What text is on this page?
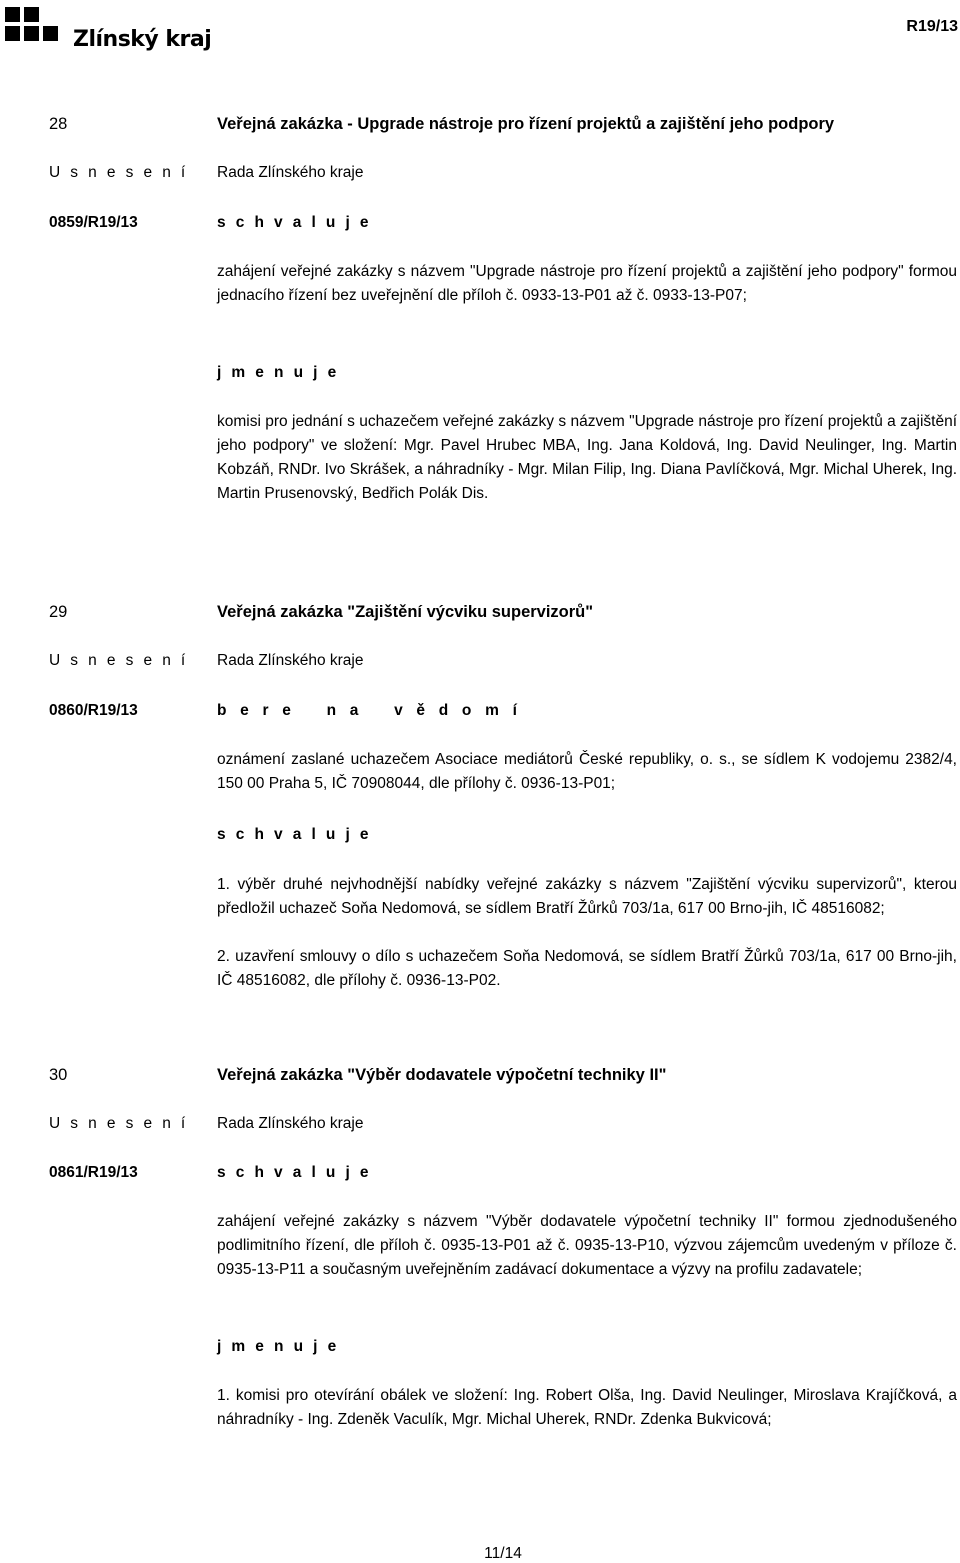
Zlínský kraj
R19/13
28	Veřejná zakázka - Upgrade nástroje pro řízení projektů a zajištění jeho podpory
U s n e s e n í Rada Zlínského kraje
0859/R19/13	s c h v a l u j e

zahájení veřejné zakázky s názvem "Upgrade nástroje pro řízení projektů a zajištění jeho podpory" formou jednacího řízení bez uveřejnění dle příloh č. 0933-13-P01 až č. 0933-13-P07;

j m e n u j e

komisi pro jednání s uchazečem veřejné zakázky s názvem "Upgrade nástroje pro řízení projektů a zajištění jeho podpory" ve složení: Mgr. Pavel Hrubec MBA, Ing. Jana Koldová, Ing. David Neulinger, Ing. Martin Kobzáň, RNDr. Ivo Skrášek, a náhradníky - Mgr. Milan Filip, Ing. Diana Pavlíčková, Mgr. Michal Uherek, Ing. Martin Prusenovský, Bedřich Polák Dis.

29	Veřejná zakázka "Zajištění výcviku supervizorů"
U s n e s e n í Rada Zlínského kraje
0860/R19/13	b e r e   n a   v ě d o m í

oznámení zaslané uchazečem Asociace mediátorů České republiky, o. s., se sídlem K vodojemu 2382/4, 150 00 Praha 5, IČ 70908044, dle přílohy č. 0936-13-P01;

s c h v a l u j e

1. výběr druhé nejvhodnější nabídky veřejné zakázky s názvem "Zajištění výcviku supervizorů", kterou předložil uchazeč Soňa Nedomová, se sídlem Bratří Žůrků 703/1a, 617 00 Brno-jih, IČ 48516082;

2. uzavření smlouvy o dílo s uchazečem Soňa Nedomová, se sídlem Bratří Žůrků 703/1a, 617 00 Brno-jih, IČ 48516082, dle přílohy č. 0936-13-P02.

30	Veřejná zakázka "Výběr dodavatele výpočetní techniky II"
U s n e s e n í Rada Zlínského kraje
0861/R19/13	s c h v a l u j e

zahájení veřejné zakázky s názvem "Výběr dodavatele výpočetní techniky II" formou zjednodušeného podlimitního řízení, dle příloh č. 0935-13-P01 až č. 0935-13-P10, výzvou zájemcům uvedeným v příloze č. 0935-13-P11 a současným uveřejněním zadávací dokumentace a výzvy na profilu zadavatele;

j m e n u j e

1. komisi pro otevírání obálek ve složení: Ing. Robert Olša, Ing. David Neulinger, Miroslava Krajíčková, a náhradníky - Ing. Zdeněk Vaculík, Mgr. Michal Uherek, RNDr. Zdenka Bukvicová;

11/14
